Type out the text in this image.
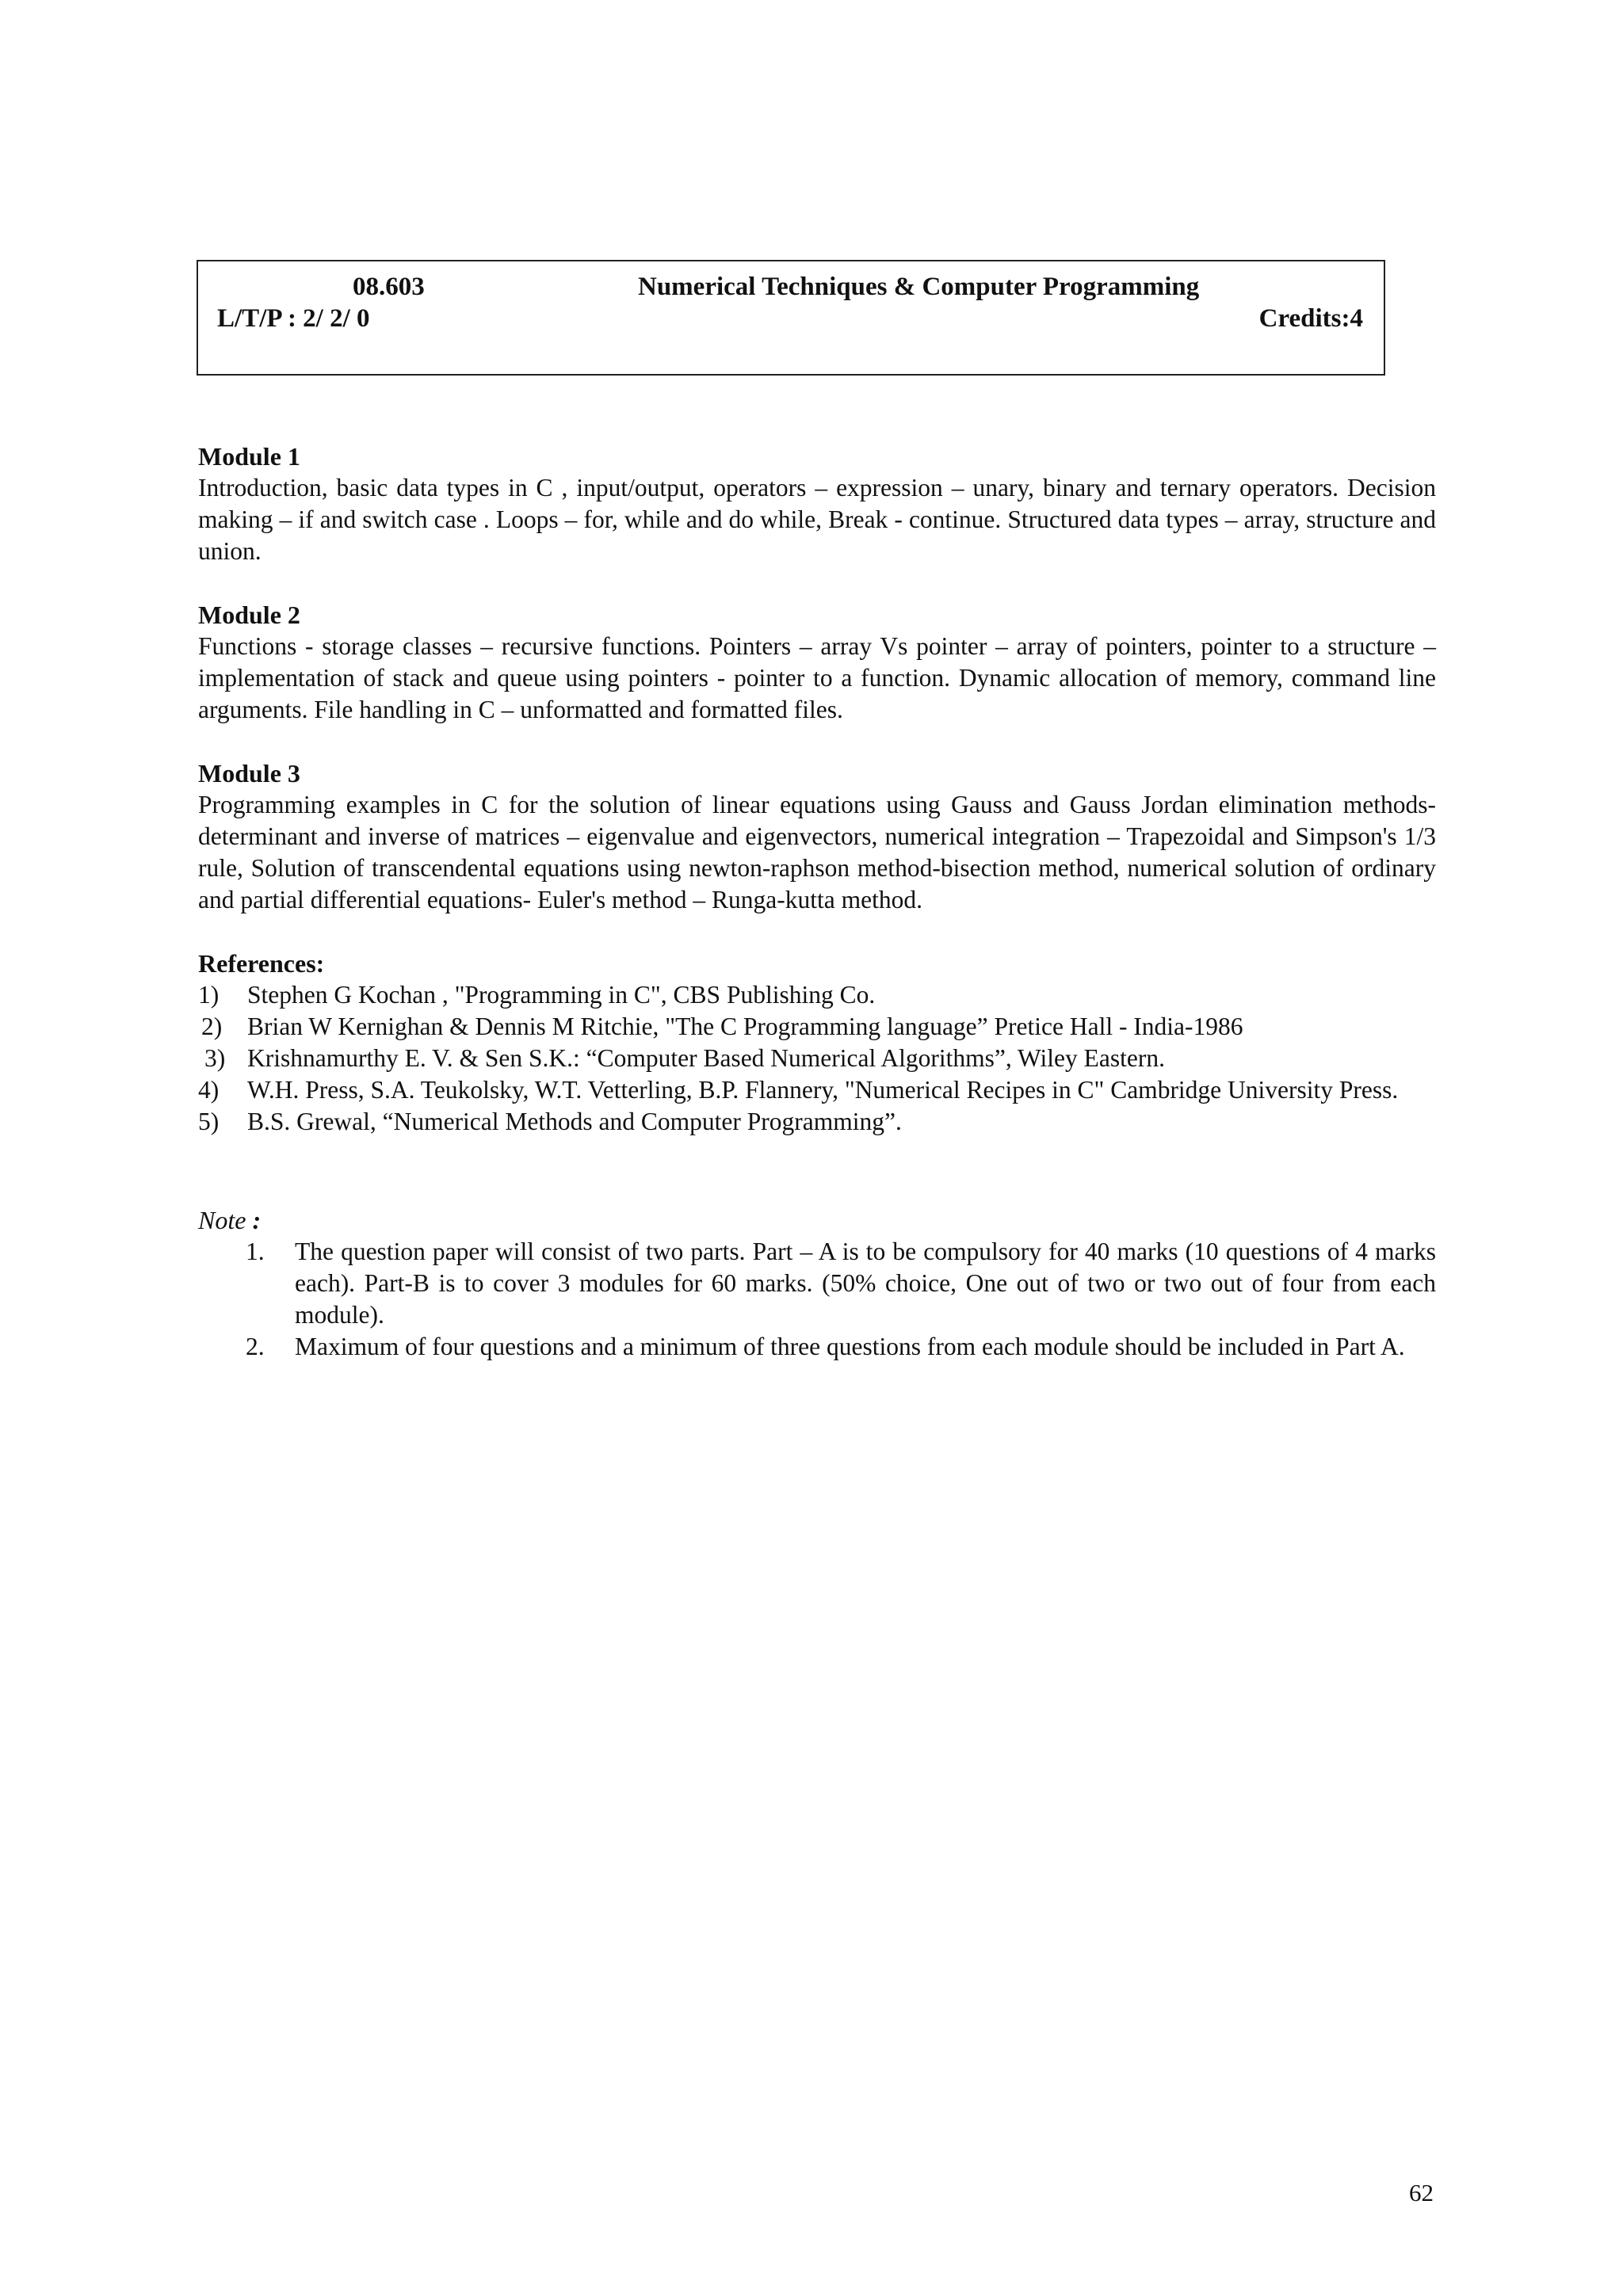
08.603	Numerical Techniques & Computer Programming
L/T/P : 2/ 2/ 0	Credits:4
Module 1
Introduction, basic data types in C , input/output, operators – expression – unary, binary and ternary operators. Decision making – if and switch case . Loops – for, while and do while, Break - continue. Structured data types – array, structure and union.
Module 2
Functions - storage classes – recursive functions. Pointers – array Vs pointer – array of pointers, pointer to a structure – implementation of stack and queue using pointers - pointer to a function. Dynamic allocation of memory, command line arguments. File handling in C – unformatted and formatted files.
Module 3
Programming examples in C for the solution of linear equations using Gauss and Gauss Jordan elimination methods- determinant and inverse of matrices – eigenvalue and eigenvectors, numerical integration – Trapezoidal and Simpson's 1/3 rule, Solution of transcendental equations using newton-raphson method-bisection method, numerical solution of ordinary and partial differential equations- Euler's method – Runga-kutta method.
References:
1)	Stephen G Kochan , "Programming in C", CBS Publishing Co.
2)	Brian W Kernighan & Dennis M Ritchie, "The C Programming language” Pretice Hall - India-1986
3) Krishnamurthy E. V. & Sen S.K.: “Computer Based Numerical Algorithms”, Wiley Eastern.
4) W.H. Press, S.A. Teukolsky, W.T. Vetterling, B.P. Flannery, "Numerical Recipes in C" Cambridge University Press.
5)	B.S. Grewal, “Numerical Methods and Computer Programming”.
Note :
1.	The question paper will consist of two parts. Part – A is to be compulsory for 40 marks (10 questions of 4 marks each). Part-B is to cover 3 modules for 60 marks. (50% choice, One out of two or two out of four from each module).
2.	Maximum of four questions and a minimum of three questions from each module should be included in Part A.
62
